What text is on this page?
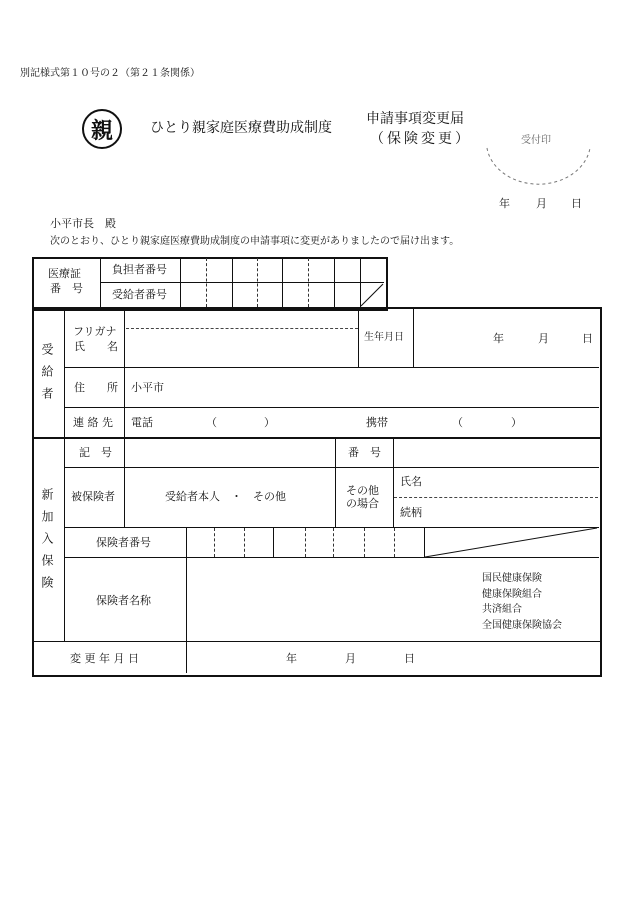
別記様式第１０号の２（第２１条関係）
親	ひとり親家庭医療費助成制度
申請事項変更届
（保険変更）	受付印
年 月 日
小平市長　殿
次のとおり、ひとり親家庭医療費助成制度の申請事項に変更がありましたので届け出ます。
医療証
番　号
負担者番号
受給者番号
受給者
フリガナ
氏　　名
生年月日	年	月	日
住　　所 小平市
連 絡 先 電話	（	）	携帯	（	）
新加入保険
記　号	番　号
被保険者	受給者本人　・　その他	その他
の場合
氏名
続柄
保険者番号
保険者名称
国民健康保険
健康保険組合
共済組合
全国健康保険協会
変 更 年 月 日	年	月	日
